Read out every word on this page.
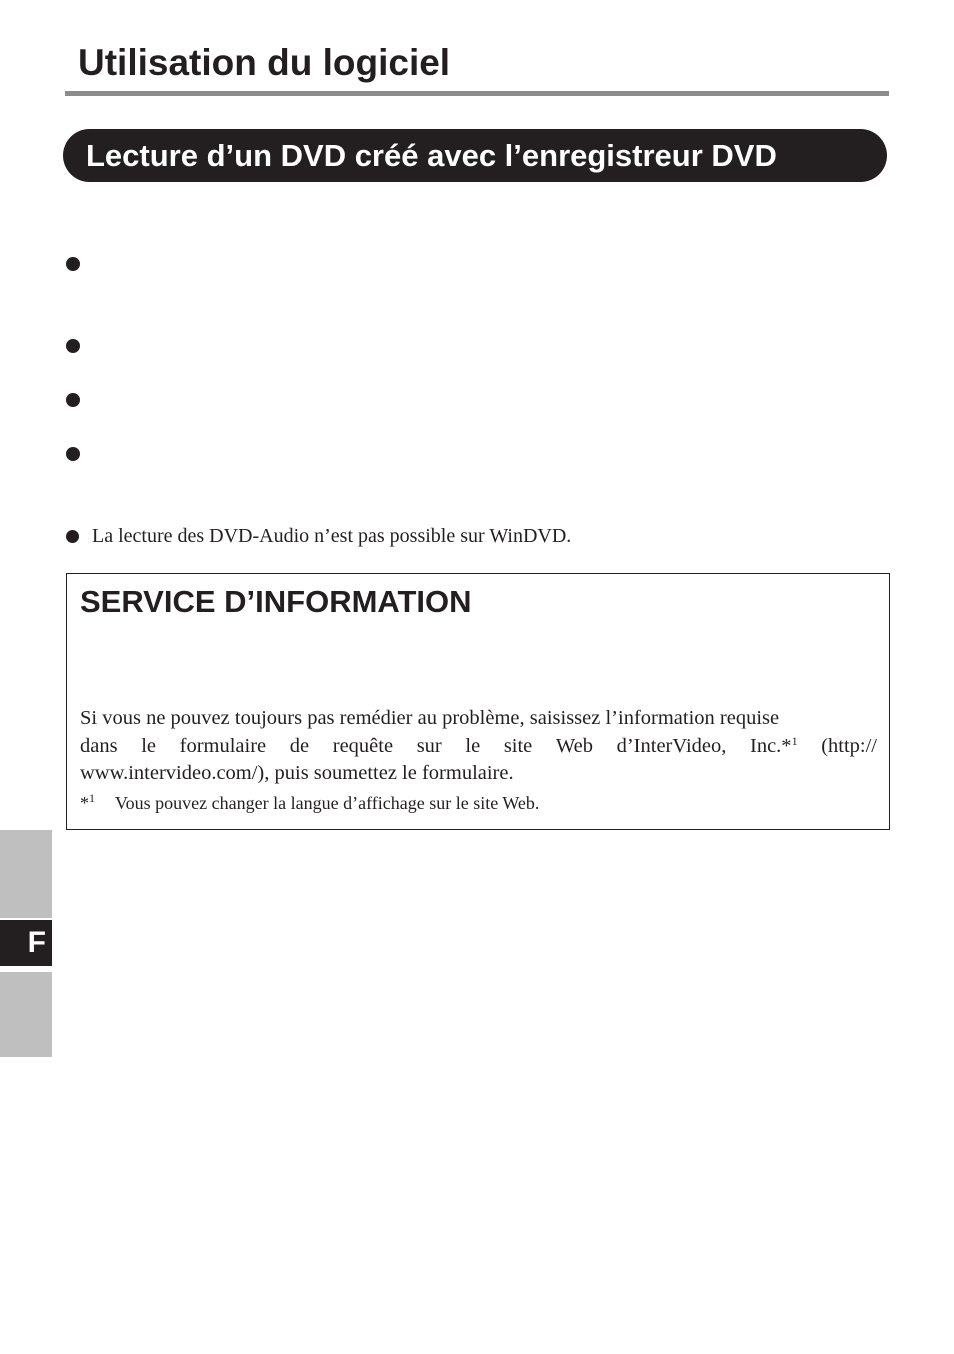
Utilisation du logiciel
Lecture d’un DVD créé avec l’enregistreur DVD
La lecture des DVD-Audio n’est pas possible sur WinDVD.
SERVICE D’INFORMATION
Si vous ne pouvez toujours pas remédier au problème, saisissez l’information requise
dans le formulaire de requête sur le site Web d’InterVideo, Inc.*$^1$ (http://
www.intervideo.com/), puis soumettez le formulaire.
*$^1$ Vous pouvez changer la langue d’affichage sur le site Web.
F
